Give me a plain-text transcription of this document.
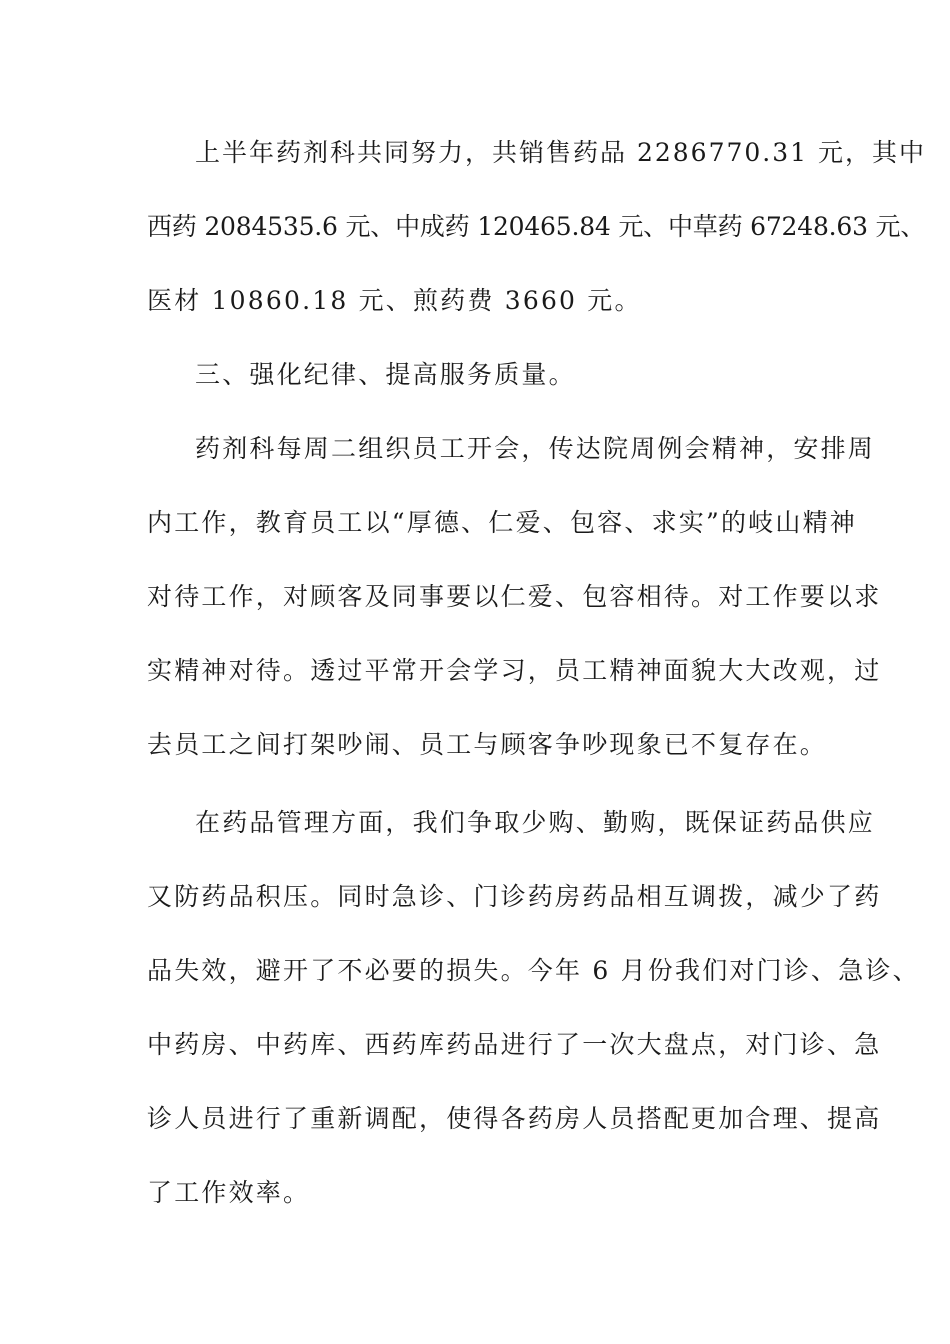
上半年药剂科共同努力，共销售药品 2286770.31 元，其中
西药 2084535.6 元、中成药 120465.84 元、中草药 67248.63 元、
医材 10860.18 元、煎药费 3660 元。
三、强化纪律、提高服务质量。
药剂科每周二组织员工开会，传达院周例会精神，安排周
内工作，教育员工以“厚德、仁爱、包容、求实”的岐山精神
对待工作，对顾客及同事要以仁爱、包容相待。对工作要以求
实精神对待。透过平常开会学习，员工精神面貌大大改观，过
去员工之间打架吵闹、员工与顾客争吵现象已不复存在。
在药品管理方面，我们争取少购、勤购，既保证药品供应
又防药品积压。同时急诊、门诊药房药品相互调拨，减少了药
品失效，避开了不必要的损失。今年 6 月份我们对门诊、急诊、
中药房、中药库、西药库药品进行了一次大盘点，对门诊、急
诊人员进行了重新调配，使得各药房人员搭配更加合理、提高
了工作效率。
